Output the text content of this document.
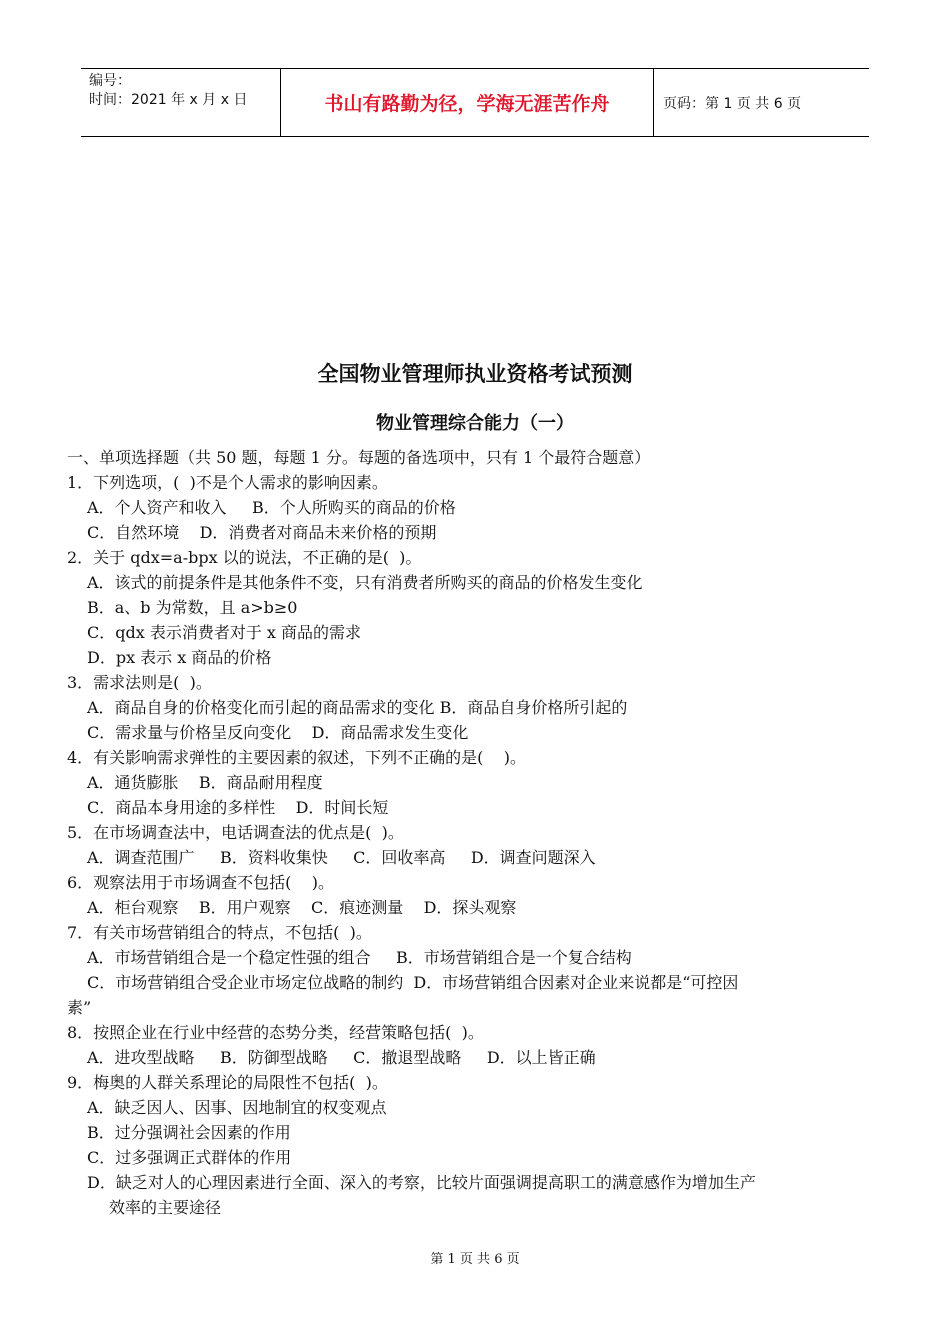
编号：
时间：2021 年 x 月 x 日	书山有路勤为径，学海无涯苦作舟	页码：第 1 页 共 6 页
全国物业管理师执业资格考试预测
物业管理综合能力（一）
一、单项选择题（共 50 题，每题 1 分。每题的备选项中，只有 1 个最符合题意）
1．下列选项，(  )不是个人需求的影响因素。
A．个人资产和收入     B．个人所购买的商品的价格
C．自然环境    D．消费者对商品未来价格的预期
2．关于 qdx=a-bpx 以的说法，不正确的是(  )。
A．该式的前提条件是其他条件不变，只有消费者所购买的商品的价格发生变化
B．a、b 为常数，且 a>b≥0
C．qdx 表示消费者对于 x 商品的需求
D．px 表示 x 商品的价格
3．需求法则是(  )。
A．商品自身的价格变化而引起的商品需求的变化 B．商品自身价格所引起的
C．需求量与价格呈反向变化    D．商品需求发生变化
4．有关影响需求弹性的主要因素的叙述，下列不正确的是(    )。
A．通货膨胀    B．商品耐用程度
C．商品本身用途的多样性    D．时间长短
5．在市场调查法中，电话调查法的优点是(  )。
A．调查范围广     B．资料收集快     C．回收率高     D．调查问题深入
6．观察法用于市场调查不包括(    )。
A．柜台观察    B．用户观察    C．痕迹测量    D．探头观察
7．有关市场营销组合的特点，不包括(  )。
A．市场营销组合是一个稳定性强的组合     B．市场营销组合是一个复合结构
C．市场营销组合受企业市场定位战略的制约  D．市场营销组合因素对企业来说都是“可控因
素”
8．按照企业在行业中经营的态势分类，经营策略包括(  )。
A．进攻型战略     B．防御型战略     C．撤退型战略     D．以上皆正确
9．梅奥的人群关系理论的局限性不包括(  )。
A．缺乏因人、因事、因地制宜的权变观点
B．过分强调社会因素的作用
C．过多强调正式群体的作用
D．缺乏对人的心理因素进行全面、深入的考察，比较片面强调提高职工的满意感作为增加生产
效率的主要途径
第 1 页 共 6 页
